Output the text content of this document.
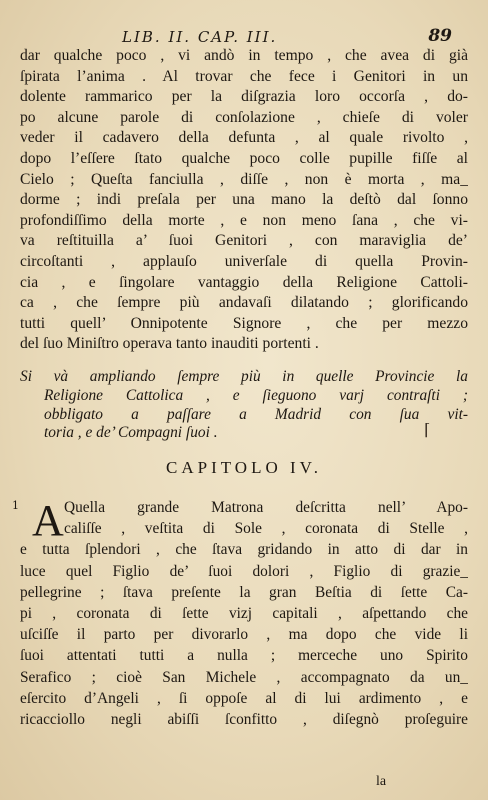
LIB. II. CAP. III.	89
dar qualche poco , vi andò in tempo , che avea di già
ſpirata l’anima . Al trovar che fece i Genitori in un
dolente rammarico per la diſgrazia loro occorſa , do-
po alcune parole di conſolazione , chieſe di voler
veder il cadavero della defunta , al quale rivolto ,
dopo l’eſſere ſtato qualche poco colle pupille fiſſe al
Cielo ; Queſta fanciulla , diſſe , non è morta , ma_
dorme ; indi preſala per una mano la deſtò dal ſonno
profondiſſimo della morte , e non meno ſana , che vi-
va reſtituilla a’ ſuoi Genitori , con maraviglia de’
circoſtanti , applauſo univerſale di quella Provin-
cia , e ſingolare vantaggio della Religione Cattoli-
ca , che ſempre più andavaſi dilatando ; glorificando
tutti quell’ Onnipotente Signore , che per mezzo
del ſuo Miniſtro operava tanto inauditi portenti .
Si và ampliando ſempre più in quelle Provincie la
Religione Cattolica , e ſieguono varj contraſti ;
obbligato a paſſare a Madrid con ſua vit-
toria , e de’ Compagni ſuoi .	⌈
CAPITOLO IV.
1 A Quella grande Matrona deſcritta nell’ Apo-
caliſſe , veſtita di Sole , coronata di Stelle ,
e tutta ſplendori , che ſtava gridando in atto di dar in
luce quel Figlio de’ ſuoi dolori , Figlio di grazie_
pellegrine ; ſtava preſente la gran Beſtia di ſette Ca-
pi , coronata di ſette vizj capitali , aſpettando che
uſciſſe il parto per divorarlo , ma dopo che vide li
ſuoi attentati tutti a nulla ; merceche uno Spirito
Serafico ; cioè San Michele , accompagnato da un_
eſercito d’Angeli , ſi oppoſe al di lui ardimento , e
ricacciollo negli abiſſi ſconfitto , diſegnò proſeguire
la
